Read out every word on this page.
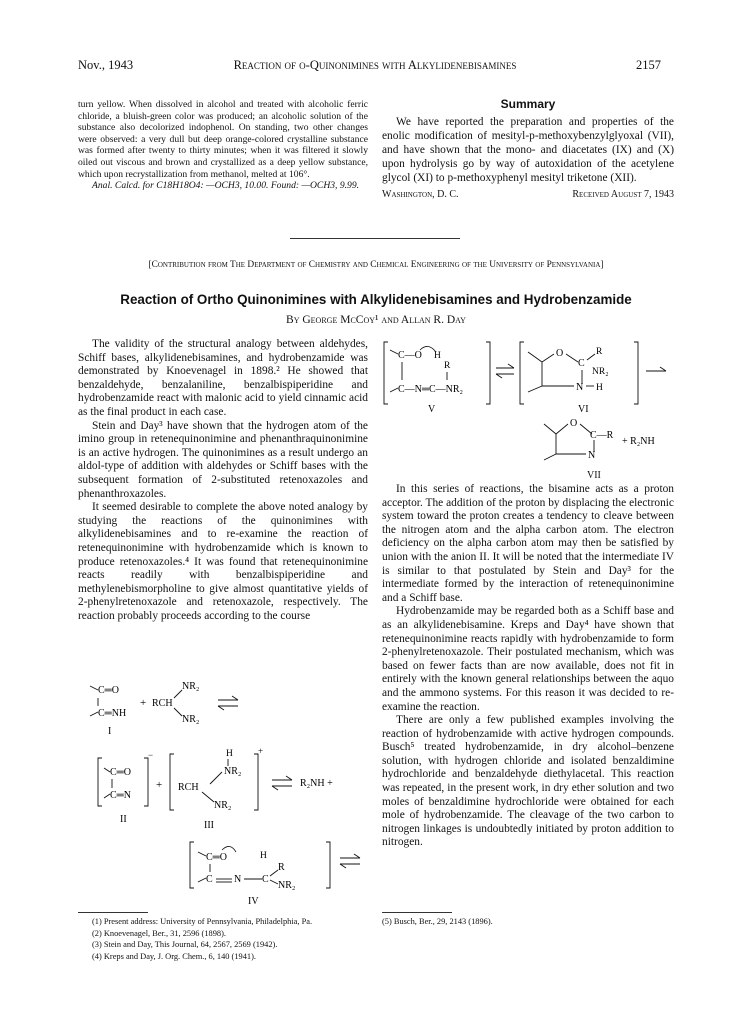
Nov., 1943	Reaction of o-Quinonimines with Alkylidenebisamines	2157

turn yellow. When dissolved in alcohol and treated with alcoholic ferric chloride, a bluish-green color was produced; an alcoholic solution of the substance also decolorized indophenol. On standing, two other changes were observed: a very dull but deep orange-colored crystalline substance was formed after twenty to thirty minutes; when it was filtered it slowly oiled out viscous and brown and crystallized as a deep yellow substance, which upon recrystallization from methanol, melted at 106°.

Anal. Calcd. for C18H18O4: —OCH3, 10.00. Found: —OCH3, 9.99.

Summary

We have reported the preparation and properties of the enolic modification of mesityl-p-methoxybenzylglyoxal (VII), and have shown that the mono- and diacetates (IX) and (X) upon hydrolysis go by way of autoxidation of the acetylene glycol (XI) to p-methoxyphenyl mesityl triketone (XII).

Washington, D. C.	Received August 7, 1943
[Contribution from The Department of Chemistry and Chemical Engineering of the University of Pennsylvania]
Reaction of Ortho Quinonimines with Alkylidenebisamines and Hydrobenzamide
By George McCoy¹ and Allan R. Day

The validity of the structural analogy between aldehydes, Schiff bases, alkylidenebisamines, and hydrobenzamide was demonstrated by Knoevenagel in 1898.² He showed that benzaldehyde, benzalaniline, benzalbispiperidine and hydrobenzamide react with malonic acid to yield cinnamic acid as the final product in each case.

Stein and Day³ have shown that the hydrogen atom of the imino group in retenequinonimine and phenanthraquinonimine is an active hydrogen. The quinonimines as a result undergo an aldol-type of addition with aldehydes or Schiff bases with the subsequent formation of 2-substituted retenoxazoles and phenanthroxazoles.

It seemed desirable to complete the above noted analogy by studying the reactions of the quinonimines with alkylidenebisamines and to re-examine the reaction of retenequinonimine with hydrobenzamide which is known to produce retenoxazoles.⁴ It was found that retenequinonimine reacts readily with benzalbispiperidine and methylenebismorpholine to give almost quantitative yields of 2-phenylretenoxazole and retenoxazole, respectively. The reaction probably proceeds according to the course

C═O
C═NH
I
+ RCH
NR₂
NR₂
−
C═O
C═N
II
+
+
H
NR₂
RCH
NR₂
III
R₂NH +
C═O	H
C N C
R
NR₂
IV

(1) Present address: University of Pennsylvania, Philadelphia, Pa.

(2) Knoevenagel, Ber., 31, 2596 (1898).

(3) Stein and Day, This Journal, 64, 2567, 2569 (1942).

(4) Kreps and Day, J. Org. Chem., 6, 140 (1941).

C—O H
R
C—N═C—NR₂
V
O
C
R
NR₂
N H
VI
O
C—R
N
+ R₂NH
VII

In this series of reactions, the bisamine acts as a proton acceptor. The addition of the proton by displacing the electronic system toward the proton creates a tendency to cleave between the nitrogen atom and the alpha carbon atom. The electron deficiency on the alpha carbon atom may then be satisfied by union with the anion II. It will be noted that the intermediate IV is similar to that postulated by Stein and Day³ for the intermediate formed by the interaction of retenequinonimine and a Schiff base.

Hydrobenzamide may be regarded both as a Schiff base and as an alkylidenebisamine. Kreps and Day⁴ have shown that retenequinonimine reacts rapidly with hydrobenzamide to form 2-phenylretenoxazole. Their postulated mechanism, which was based on fewer facts than are now available, does not fit in entirely with the known general relationships between the aquo and the ammono systems. For this reason it was decided to re-examine the reaction.

There are only a few published examples involving the reaction of hydrobenzamide with active hydrogen compounds. Busch⁵ treated hydrobenzamide, in dry alcohol–benzene solution, with hydrogen chloride and isolated benzaldimine hydrochloride and benzaldehyde diethylacetal. This reaction was repeated, in the present work, in dry ether solution and two moles of benzaldimine hydrochloride were obtained for each mole of hydrobenzamide. The cleavage of the two carbon to nitrogen linkages is undoubtedly initiated by proton addition to nitrogen.

(5) Busch, Ber., 29, 2143 (1896).
